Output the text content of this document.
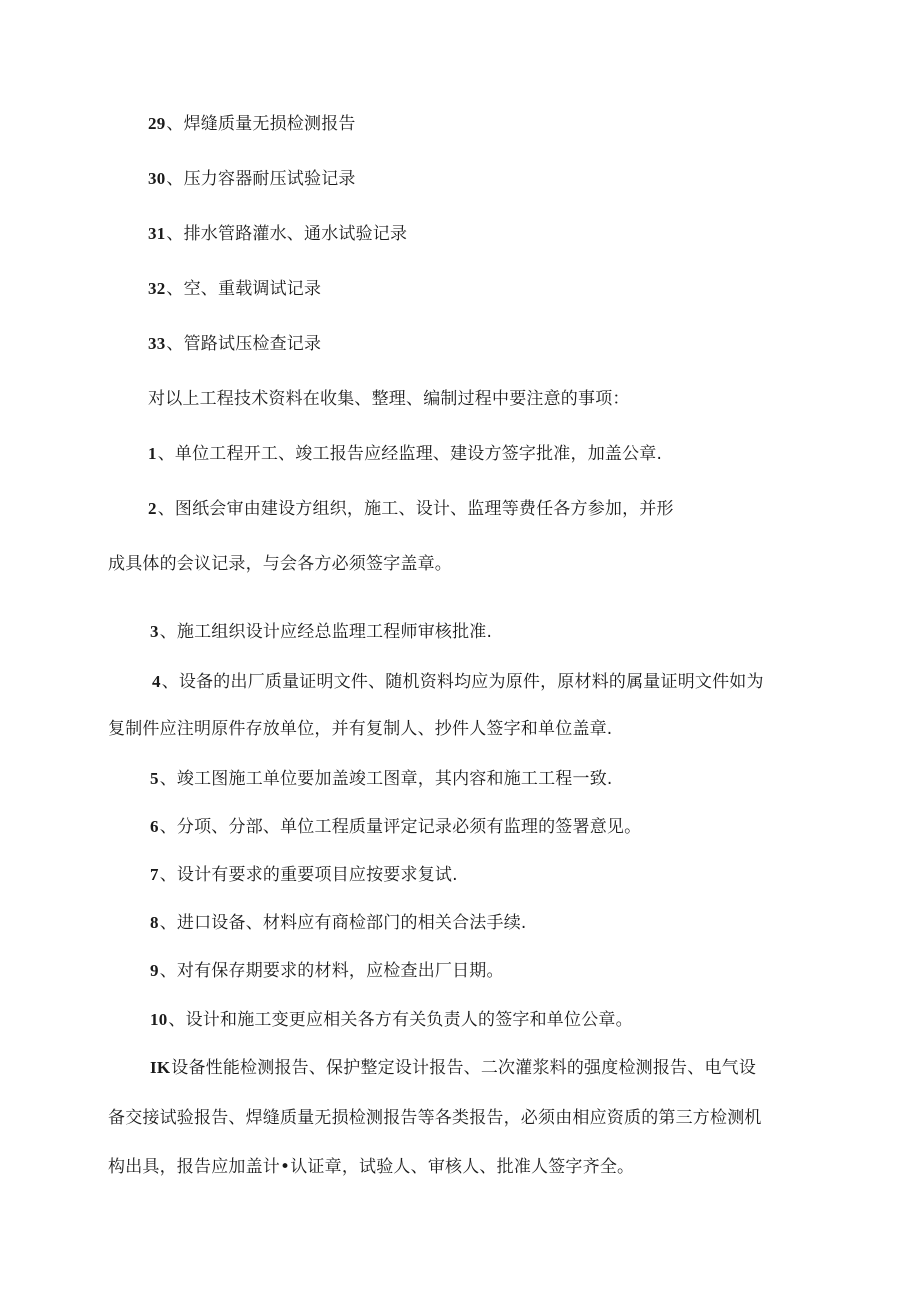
29、焊缝质量无损检测报告
30、压力容器耐压试验记录
31、排水管路灌水、通水试验记录
32、空、重载调试记录
33、管路试压检查记录
对以上工程技术资料在收集、整理、编制过程中要注意的事项：
1、单位工程开工、竣工报告应经监理、建设方签字批准，加盖公章.
2、图纸会审由建设方组织，施工、设计、监理等费任各方参加，并形
成具体的会议记录，与会各方必须签字盖章。
3、施工组织设计应经总监理工程师审核批准.
4、设备的出厂质量证明文件、随机资料均应为原件，原材料的属量证明文件如为
复制件应注明原件存放单位，并有复制人、抄件人签字和单位盖章.
5、竣工图施工单位要加盖竣工图章，其内容和施工工程一致.
6、分项、分部、单位工程质量评定记录必须有监理的签署意见。
7、设计有要求的重要项目应按要求复试.
8、进口设备、材料应有商检部门的相关合法手续.
9、对有保存期要求的材料，应检查出厂日期。
10、设计和施工变更应相关各方有关负责人的签字和单位公章。
IK设备性能检测报告、保护整定设计报告、二次灌浆料的强度检测报告、电气设
备交接试验报告、焊缝质量无损检测报告等各类报告，必须由相应资质的第三方检测机
构出具，报告应加盖计•认证章，试验人、审核人、批准人签字齐全。
